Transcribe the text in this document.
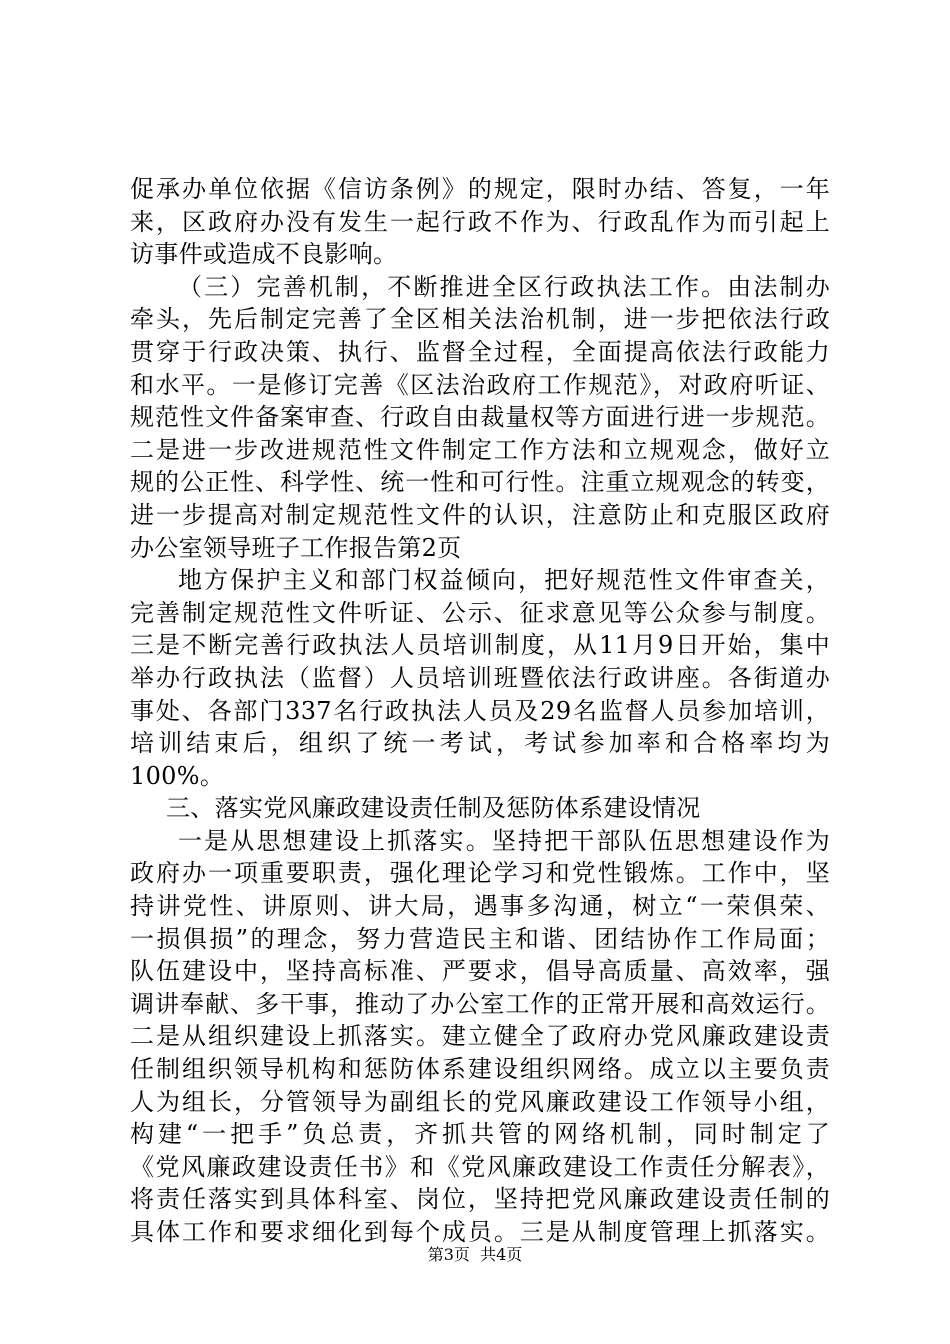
促承办单位依据《信访条例》的规定，限时办结、答复，一年
来，区政府办没有发生一起行政不作为、行政乱作为而引起上
访事件或造成不良影响。
（三）完善机制，不断推进全区行政执法工作。由法制办
牵头，先后制定完善了全区相关法治机制，进一步把依法行政
贯穿于行政决策、执行、监督全过程，全面提高依法行政能力
和水平。一是修订完善《区法治政府工作规范》，对政府听证、
规范性文件备案审查、行政自由裁量权等方面进行进一步规范。
二是进一步改进规范性文件制定工作方法和立规观念，做好立
规的公正性、科学性、统一性和可行性。注重立规观念的转变，
进一步提高对制定规范性文件的认识，注意防止和克服区政府
办公室领导班子工作报告第2页
地方保护主义和部门权益倾向，把好规范性文件审查关，
完善制定规范性文件听证、公示、征求意见等公众参与制度。
三是不断完善行政执法人员培训制度，从11月9日开始，集中
举办行政执法（监督）人员培训班暨依法行政讲座。各街道办
事处、各部门337名行政执法人员及29名监督人员参加培训，
培训结束后，组织了统一考试，考试参加率和合格率均为
100%。
三、落实党风廉政建设责任制及惩防体系建设情况
一是从思想建设上抓落实。坚持把干部队伍思想建设作为
政府办一项重要职责，强化理论学习和党性锻炼。工作中，坚
持讲党性、讲原则、讲大局，遇事多沟通，树立“一荣俱荣、
一损俱损”的理念，努力营造民主和谐、团结协作工作局面；
队伍建设中，坚持高标准、严要求，倡导高质量、高效率，强
调讲奉献、多干事，推动了办公室工作的正常开展和高效运行。
二是从组织建设上抓落实。建立健全了政府办党风廉政建设责
任制组织领导机构和惩防体系建设组织网络。成立以主要负责
人为组长，分管领导为副组长的党风廉政建设工作领导小组，
构建“一把手”负总责，齐抓共管的网络机制，同时制定了
《党风廉政建设责任书》和《党风廉政建设工作责任分解表》，
将责任落实到具体科室、岗位，坚持把党风廉政建设责任制的
具体工作和要求细化到每个成员。三是从制度管理上抓落实。
第3页  共4页
